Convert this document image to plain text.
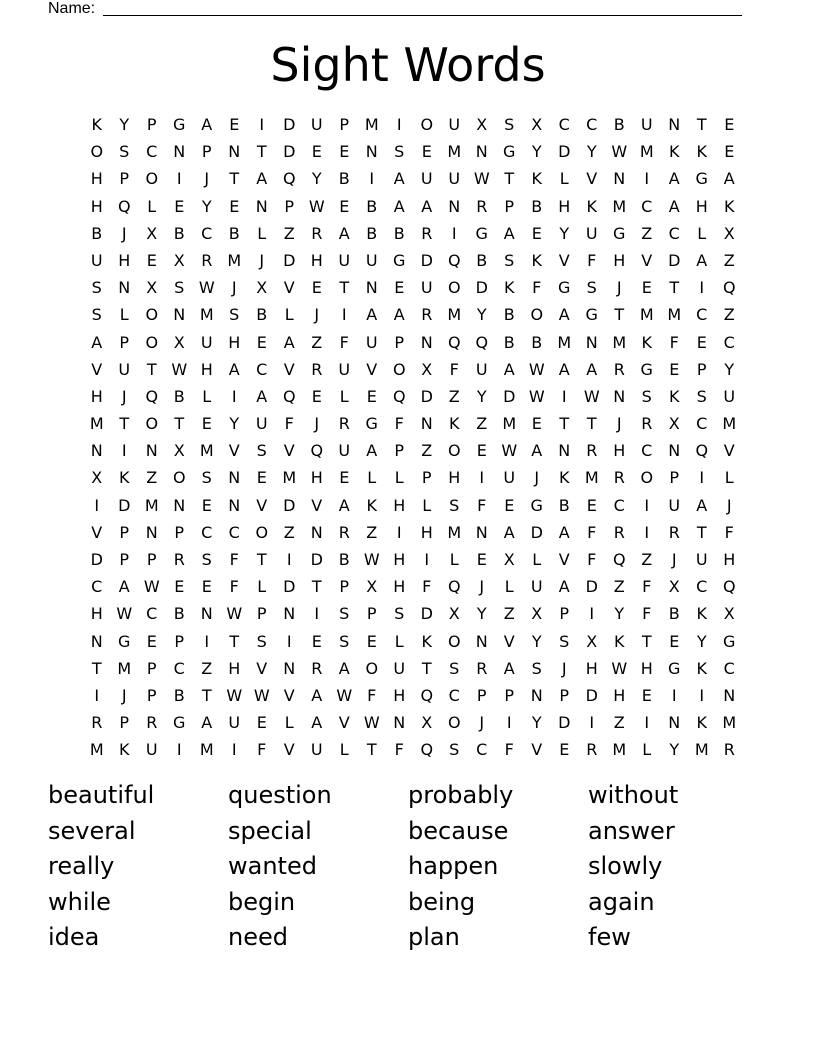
Name:
Sight Words
K	Y	P	G A	E	I	D U	P M	I	O U	X	S	X	C	C	B	U N	T	E
O	S	C N	P	N	T	D	E	E	N	S	E M N G	Y	D	Y W M K	K	E
H	P	O	I	J	T	A Q	Y	B	I	A	U U W T	K	L	V	N	I	A G A
H Q	L	E	Y	E	N	P W E	B	A	A	N R	P	B	H	K M C	A	H	K
B	J	X	B	C	B	L	Z	R	A	B	B	R	I	G A	E	Y	U G Z	C	L	X
U H	E	X	R M	J	D H U U G D Q B	S	K	V	F	H	V D A	Z
S	N	X	S W	J	X	V	E	T	N	E	U O D	K	F	G	S	J	E	T	I	Q
S	L	O N M S	B	L	J	I	A	A	R M Y	B O A G	T M M C	Z
A	P	O X	U H	E	A	Z	F	U	P	N Q Q B	B M N M K	F	E	C
V	U	T W H	A	C	V	R	U	V O X	F	U	A W A	A	R G	E	P	Y
H	J	Q B	L	I	A Q	E	L	E	Q D Z	Y	D W	I	W N	S	K	S	U
M T	O	T	E	Y	U	F	J	R G	F	N	K	Z M E	T	T	J	R	X	C M
N	I	N	X M V	S	V Q U	A	P	Z O	E W A	N R H C N Q V
X	K	Z O	S	N	E M H	E	L	L	P	H	I	U	J	K M R O	P	I	L
I	D M N	E	N	V D V	A	K	H	L	S	F	E	G B	E	C	I	U	A	J
V	P	N	P	C	C O Z	N R	Z	I	H M N	A D A	F	R	I	R	T	F
D	P	P	R	S	F	T	I	D B W H	I	L	E	X	L	V	F	Q Z	J	U H
C	A W E	E	F	L	D	T	P	X	H	F	Q	J	L	U	A D Z	F	X	C Q
H W C	B	N W P	N	I	S	P	S	D X	Y	Z	X	P	I	Y	F	B	K	X
N G	E	P	I	T	S	I	E	S	E	L	K O N	V	Y	S	X	K	T	E	Y	G
T M P	C	Z	H	V	N R	A O U	T	S	R	A	S	J	H W H G	K	C
I	J	P	B	T W W V	A W F	H Q C	P	P	N	P	D H	E	I	I	N
R	P	R G A	U	E	L	A	V W N	X O	J	I	Y	D	I	Z	I	N	K M
M K	U	I	M	I	F	V	U	L	T	F	Q	S	C	F	V	E	R M	L	Y M R
beautiful	question	probably	without
several	special	because	answer
really	wanted	happen	slowly
while	begin	being	again
idea	need	plan	few
